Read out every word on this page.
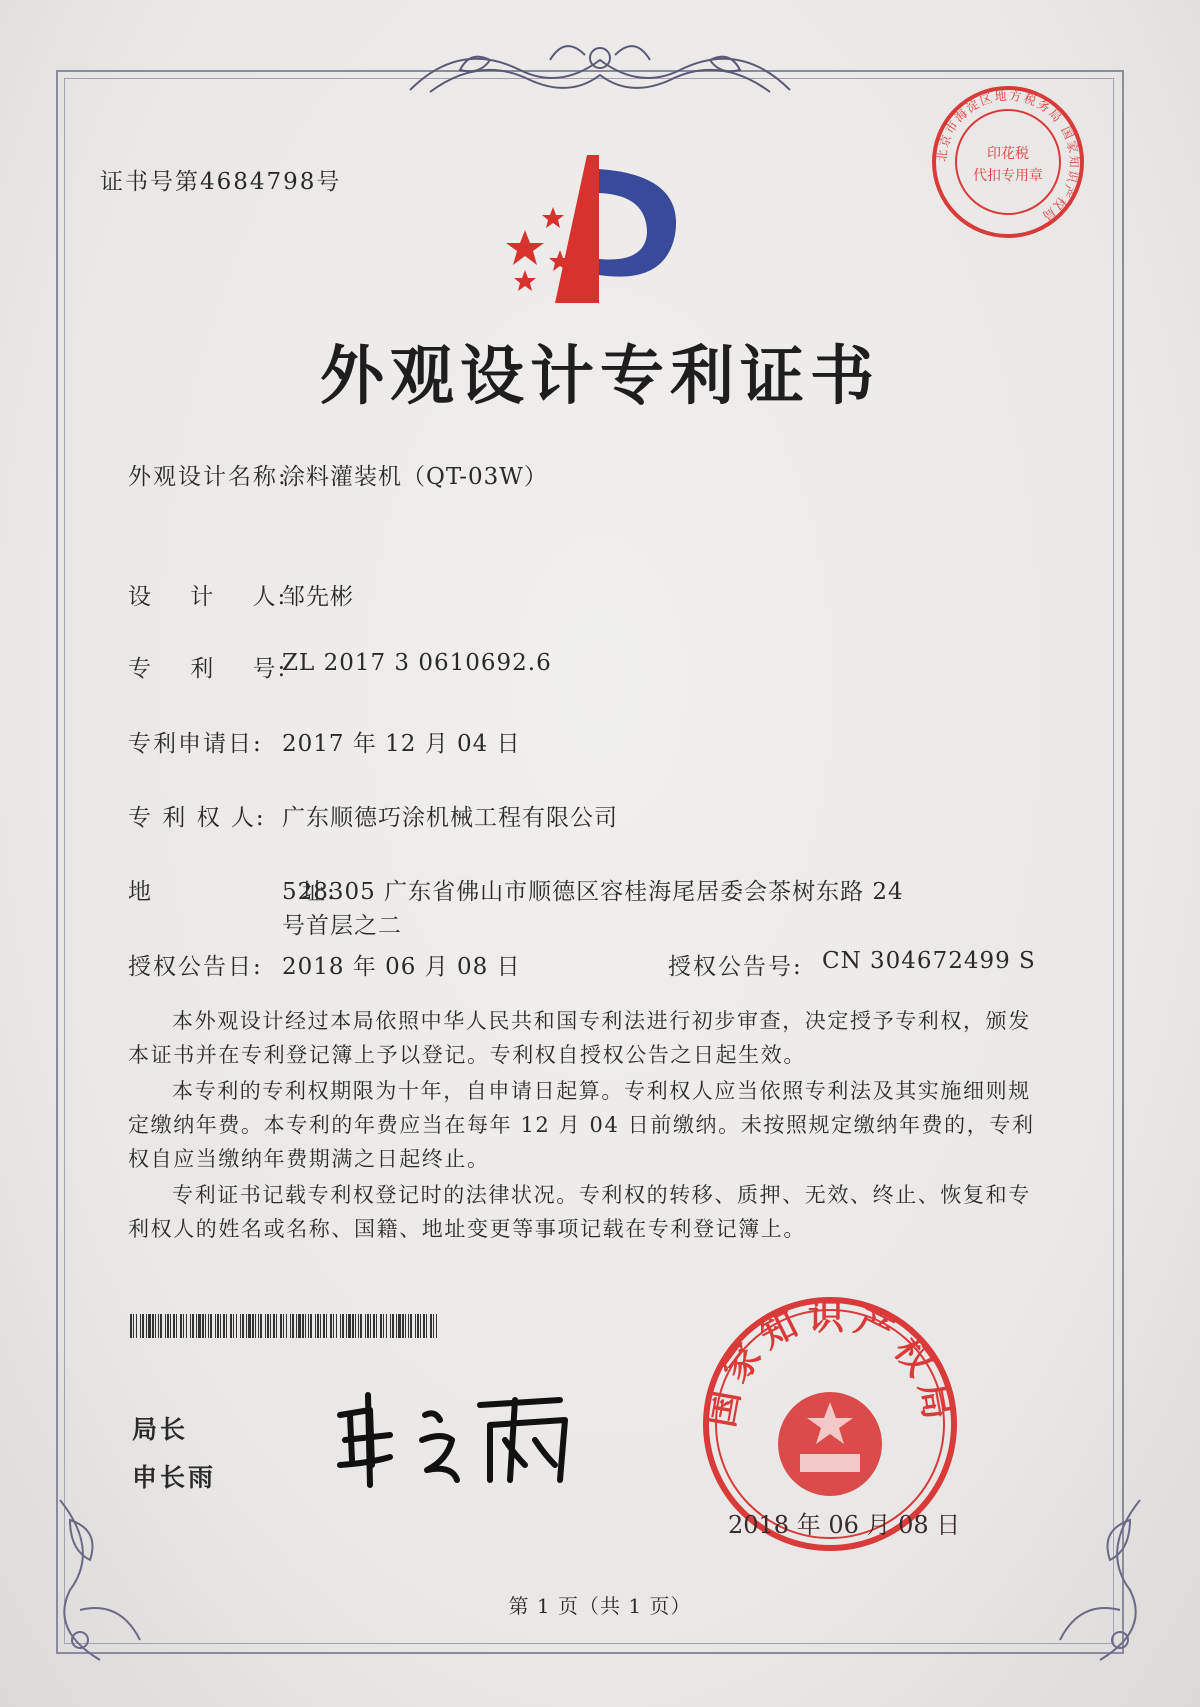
证书号第4684798号
北京市海淀区地方税务局 国家知识产权局
印花税
代扣专用章
外观设计专利证书
外观设计名称:
涂料灌装机（QT-03W）
设    计    人:
邹先彬
专    利    号:
ZL 2017 3 0610692.6
专利申请日: 2017 年 12 月 04 日
专 利 权 人: 广东顺德巧涂机械工程有限公司
地                址:
528305 广东省佛山市顺德区容桂海尾居委会茶树东路 24
号首层之二
授权公告日: 2018 年 06 月 08 日	授权公告号: CN 304672499 S
本外观设计经过本局依照中华人民共和国专利法进行初步审查，决定授予专利权，颁发本证书并在专利登记簿上予以登记。专利权自授权公告之日起生效。
本专利的专利权期限为十年，自申请日起算。专利权人应当依照专利法及其实施细则规定缴纳年费。本专利的年费应当在每年 12 月 04 日前缴纳。未按照规定缴纳年费的，专利权自应当缴纳年费期满之日起终止。
专利证书记载专利权登记时的法律状况。专利权的转移、质押、无效、终止、恢复和专利权人的姓名或名称、国籍、地址变更等事项记载在专利登记簿上。
局长
申长雨
国家知识产权局
2018 年 06 月 08 日
第 1 页（共 1 页）
